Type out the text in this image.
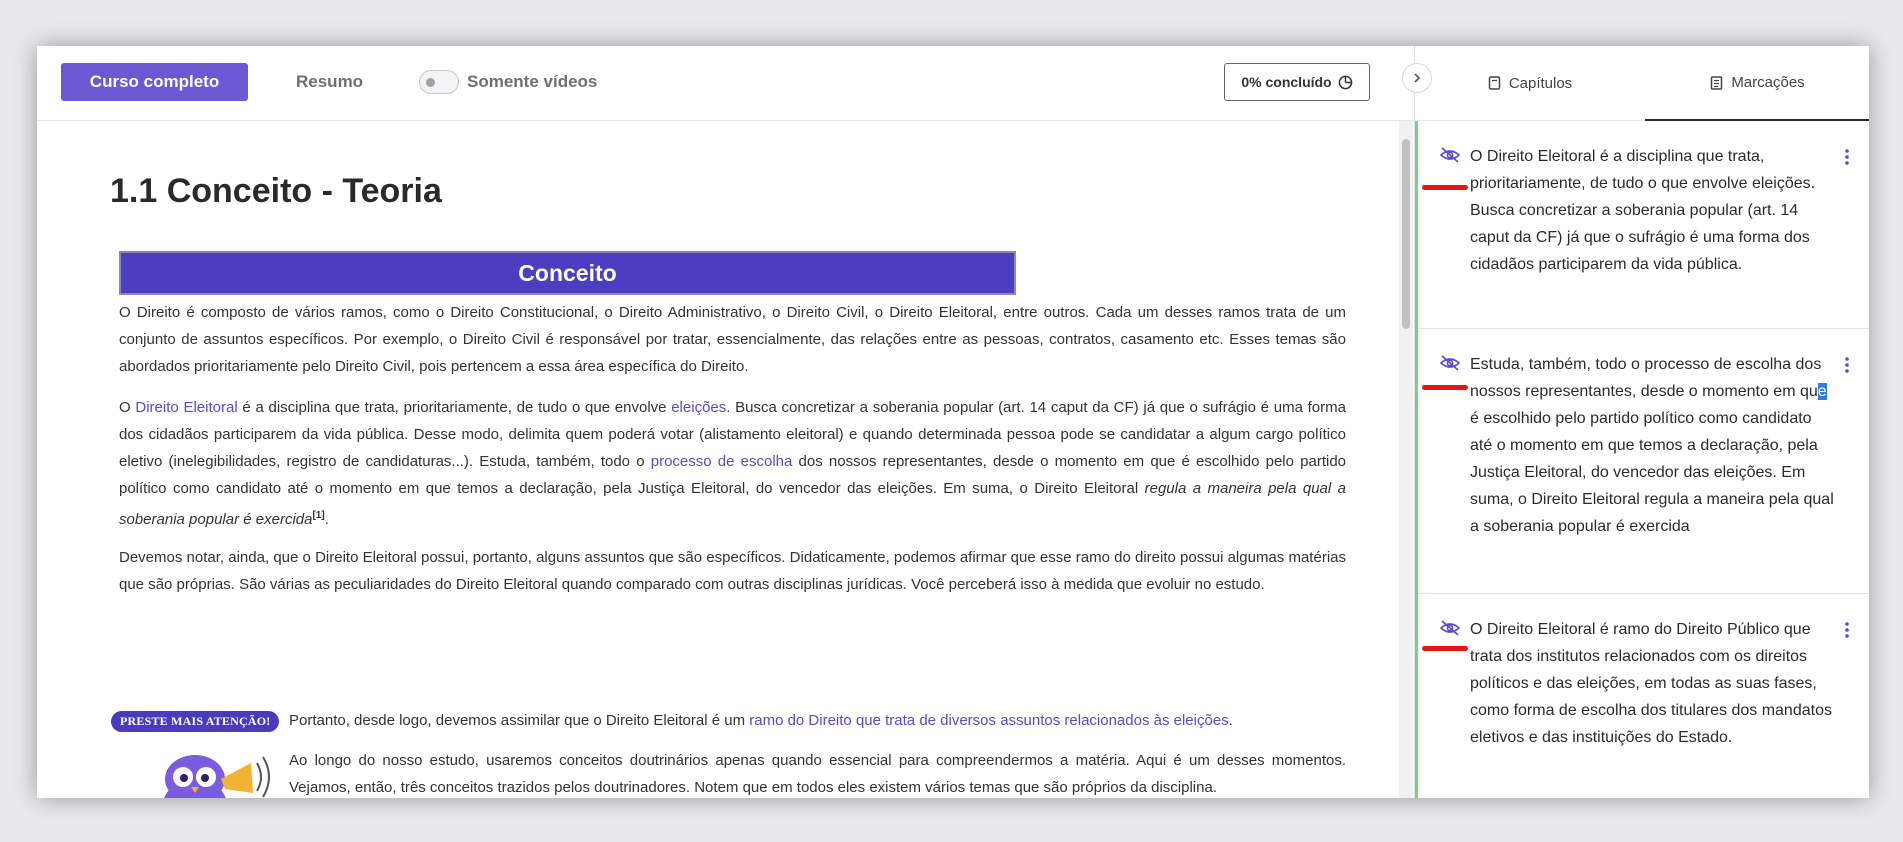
Curso completo	Resumo	Somente vídeos	0% concluído
1.1 Conceito - Teoria
Conceito

O Direito é composto de vários ramos, como o Direito Constitucional, o Direito Administrativo, o Direito Civil, o Direito Eleitoral, entre outros. Cada um desses ramos trata de um conjunto de assuntos específicos. Por exemplo, o Direito Civil é responsável por tratar, essencialmente, das relações entre as pessoas, contratos, casamento etc. Esses temas são abordados prioritariamente pelo Direito Civil, pois pertencem a essa área específica do Direito.

O Direito Eleitoral é a disciplina que trata, prioritariamente, de tudo o que envolve eleições. Busca concretizar a soberania popular (art. 14 caput da CF) já que o sufrágio é uma forma dos cidadãos participarem da vida pública. Desse modo, delimita quem poderá votar (alistamento eleitoral) e quando determinada pessoa pode se candidatar a algum cargo político eletivo (inelegibilidades, registro de candidaturas...). Estuda, também, todo o processo de escolha dos nossos representantes, desde o momento em que é escolhido pelo partido político como candidato até o momento em que temos a declaração, pela Justiça Eleitoral, do vencedor das eleições. Em suma, o Direito Eleitoral regula a maneira pela qual a soberania popular é exercida[1].

Devemos notar, ainda, que o Direito Eleitoral possui, portanto, alguns assuntos que são específicos. Didaticamente, podemos afirmar que esse ramo do direito possui algumas matérias que são próprias. São várias as peculiaridades do Direito Eleitoral quando comparado com outras disciplinas jurídicas. Você perceberá isso à medida que evoluir no estudo.

PRESTE MAIS ATENÇÃO!	Portanto, desde logo, devemos assimilar que o Direito Eleitoral é um ramo do Direito que trata de diversos assuntos relacionados às eleições.

Ao longo do nosso estudo, usaremos conceitos doutrinários apenas quando essencial para compreendermos a matéria. Aqui é um desses momentos. Vejamos, então, três conceitos trazidos pelos doutrinadores. Notem que em todos eles existem vários temas que são próprios da disciplina.

Capítulos	Marcações

O Direito Eleitoral é a disciplina que trata, prioritariamente, de tudo o que envolve eleições. Busca concretizar a soberania popular (art. 14 caput da CF) já que o sufrágio é uma forma dos cidadãos participarem da vida pública.

Estuda, também, todo o processo de escolha dos nossos representantes, desde o momento em que é escolhido pelo partido político como candidato até o momento em que temos a declaração, pela Justiça Eleitoral, do vencedor das eleições. Em suma, o Direito Eleitoral regula a maneira pela qual a soberania popular é exercida

O Direito Eleitoral é ramo do Direito Público que trata dos institutos relacionados com os direitos políticos e das eleições, em todas as suas fases, como forma de escolha dos titulares dos mandatos eletivos e das instituições do Estado.
